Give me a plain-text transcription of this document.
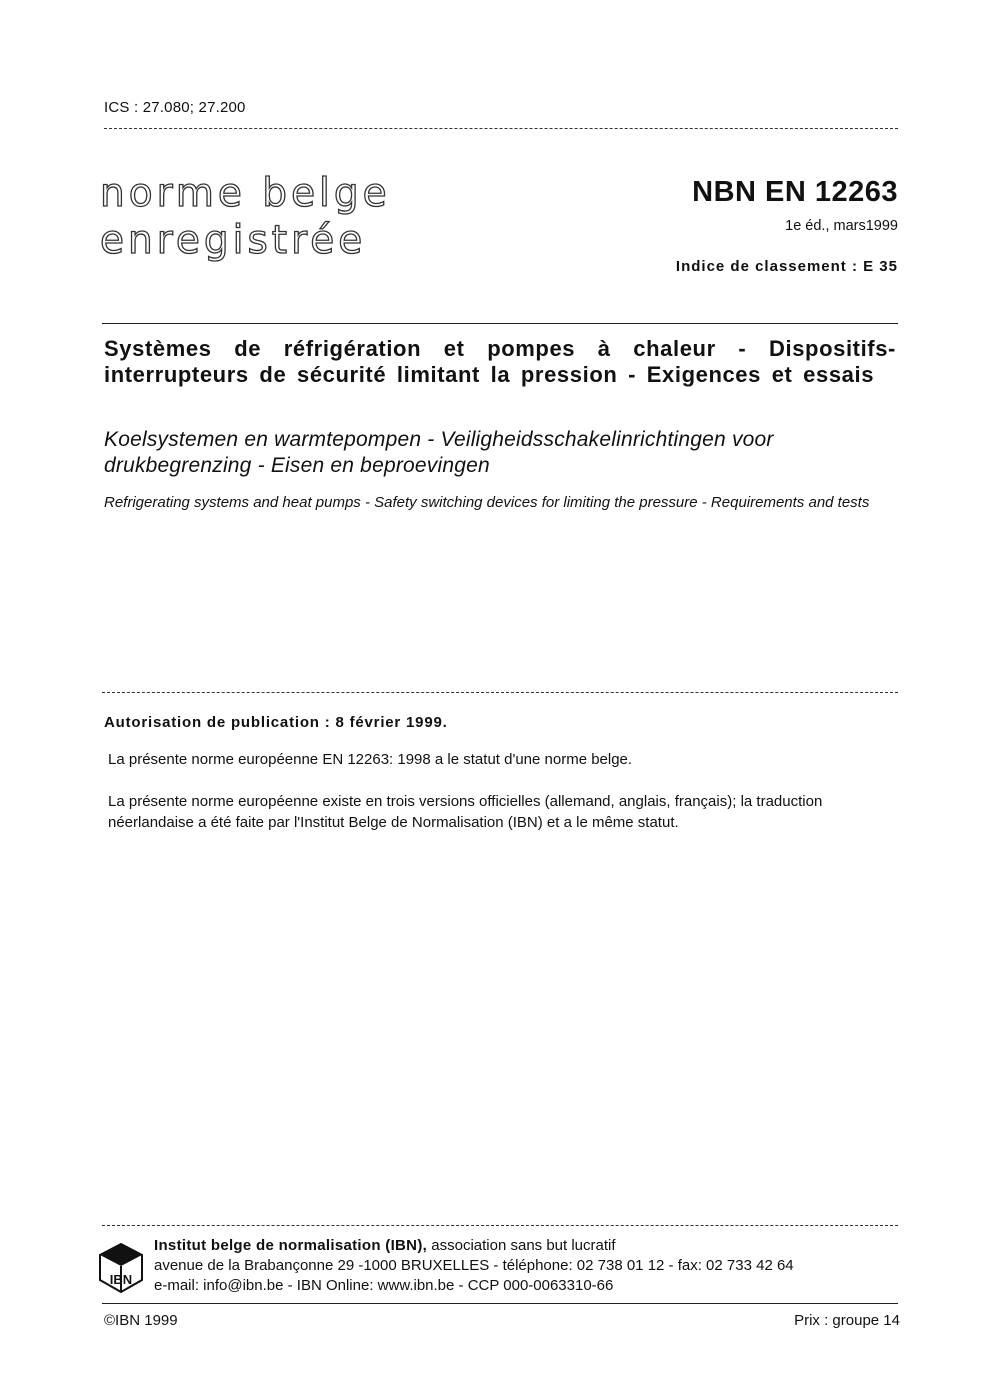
ICS : 27.080; 27.200
norme belge
enregistrée
NBN EN 12263
1e éd., mars1999
Indice de classement : E 35
Systèmes de réfrigération et pompes à chaleur - Dispositifs-interrupteurs de sécurité limitant la pression - Exigences et essais
Koelsystemen en warmtepompen - Veiligheidsschakelinrichtingen voor drukbegrenzing - Eisen en beproevingen
Refrigerating systems and heat pumps - Safety switching devices for limiting the pressure - Requirements and tests
Autorisation de publication : 8 février 1999.
La présente norme européenne EN 12263: 1998 a le statut d'une norme belge.
La présente norme européenne existe en trois versions officielles (allemand, anglais, français); la traduction néerlandaise a été faite par l'Institut Belge de Normalisation (IBN) et a le même statut.
IBN
Institut belge de normalisation (IBN), association sans but lucratif
avenue de la Brabançonne 29 -1000 BRUXELLES - téléphone: 02 738 01 12 - fax: 02 733 42 64
e-mail: info@ibn.be - IBN Online: www.ibn.be - CCP 000-0063310-66
©IBN 1999	Prix : groupe 14
